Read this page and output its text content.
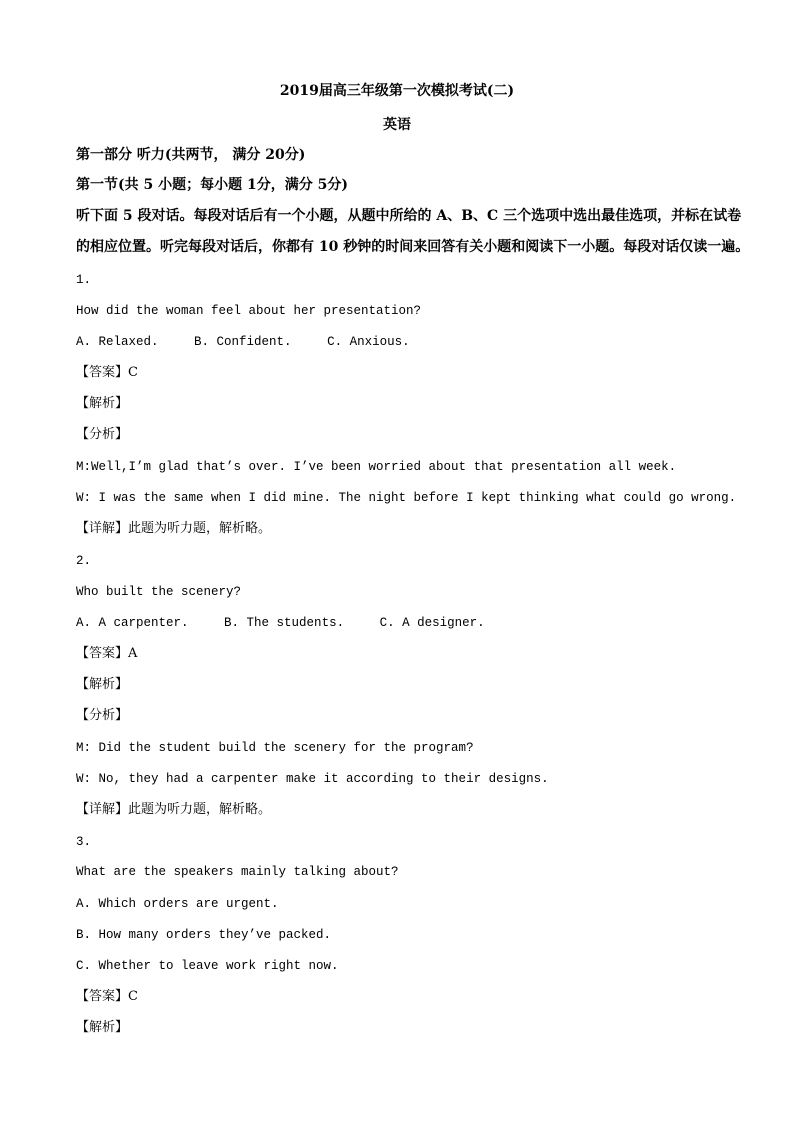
2019届高三年级第一次模拟考试(二)
英语
第一部分 听力(共两节， 满分 20分)
第一节(共 5 小题；每小题 1分，满分 5分)
听下面 5 段对话。每段对话后有一个小题，从题中所给的 A、B、C 三个选项中选出最佳选项，并标在试卷
的相应位置。听完每段对话后，你都有 10 秒钟的时间来回答有关小题和阅读下一小题。每段对话仅读一遍。
1.
How did the woman feel about her presentation?
A. Relaxed.	B. Confident.	C. Anxious.
【答案】C
【解析】
【分析】
M:Well,I’m glad that’s over. I’ve been worried about that presentation all week.
W: I was the same when I did mine. The night before I kept thinking what could go wrong.
【详解】此题为听力题，解析略。
2.
Who built the scenery?
A. A carpenter.	B. The students.	C. A designer.
【答案】A
【解析】
【分析】
M: Did the student build the scenery for the program?
W: No, they had a carpenter make it according to their designs.
【详解】此题为听力题，解析略。
3.
What are the speakers mainly talking about?
A. Which orders are urgent.
B. How many orders they’ve packed.
C. Whether to leave work right now.
【答案】C
【解析】
